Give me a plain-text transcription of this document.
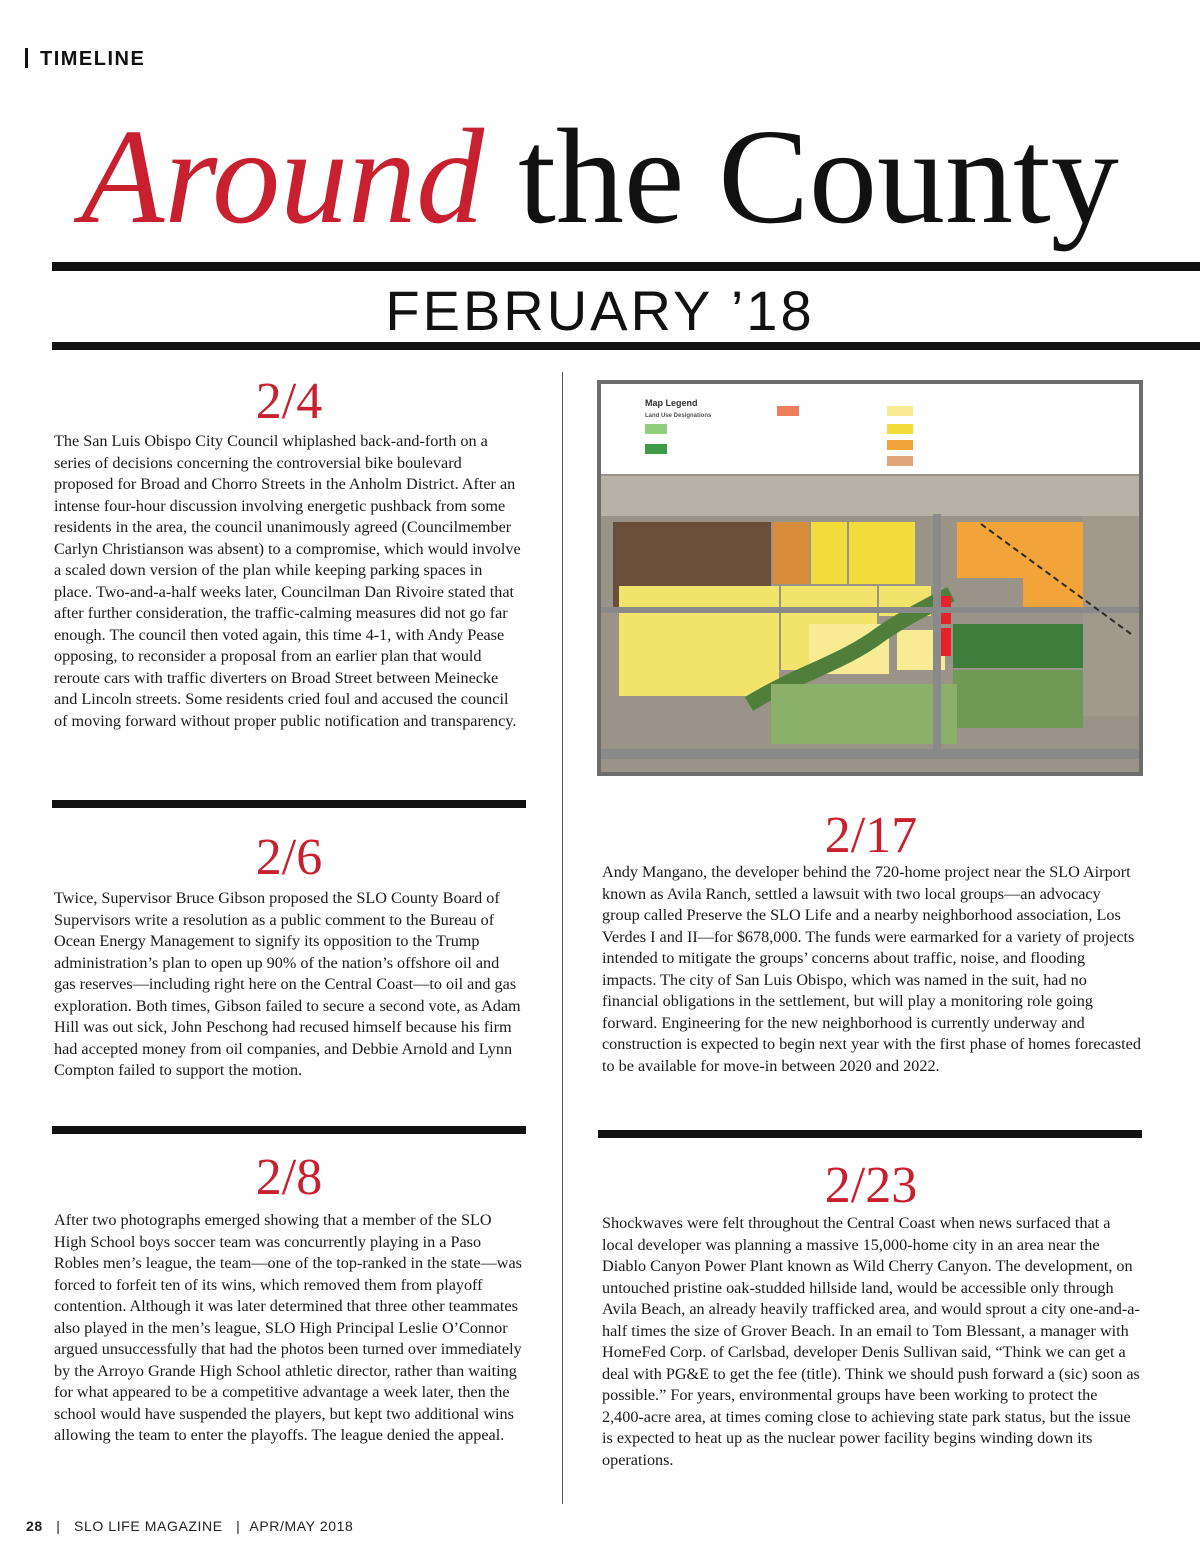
TIMELINE
Around the County
FEBRUARY ’18
2/4

The San Luis Obispo City Council whiplashed back-and-forth on a series of decisions concerning the controversial bike boulevard proposed for Broad and Chorro Streets in the Anholm District. After an intense four-hour discussion involving energetic pushback from some residents in the area, the council unanimously agreed (Councilmember Carlyn Christianson was absent) to a compromise, which would involve a scaled down version of the plan while keeping parking spaces in place. Two-and-a-half weeks later, Councilman Dan Rivoire stated that after further consideration, the traffic-calming measures did not go far enough. The council then voted again, this time 4-1, with Andy Pease opposing, to reconsider a proposal from an earlier plan that would reroute cars with traffic diverters on Broad Street between Meinecke and Lincoln streets. Some residents cried foul and accused the council of moving forward without proper public notification and transparency.

2/6

Twice, Supervisor Bruce Gibson proposed the SLO County Board of Supervisors write a resolution as a public comment to the Bureau of Ocean Energy Management to signify its opposition to the Trump administration’s plan to open up 90% of the nation’s offshore oil and gas reserves—including right here on the Central Coast—to oil and gas exploration. Both times, Gibson failed to secure a second vote, as Adam Hill was out sick, John Peschong had recused himself because his firm had accepted money from oil companies, and Debbie Arnold and Lynn Compton failed to support the motion.

2/8

After two photographs emerged showing that a member of the SLO High School boys soccer team was concurrently playing in a Paso Robles men’s league, the team—one of the top-ranked in the state—was forced to forfeit ten of its wins, which removed them from playoff contention. Although it was later determined that three other teammates also played in the men’s league, SLO High Principal Leslie O’Connor argued unsuccessfully that had the photos been turned over immediately by the Arroyo Grande High School athletic director, rather than waiting for what appeared to be a competitive advantage a week later, then the school would have suspended the players, but kept two additional wins allowing the team to enter the playoffs. The league denied the appeal.

Map Legend
Land Use Designations
2/17

Andy Mangano, the developer behind the 720-home project near the SLO Airport known as Avila Ranch, settled a lawsuit with two local groups—an advocacy group called Preserve the SLO Life and a nearby neighborhood association, Los Verdes I and II—for $678,000. The funds were earmarked for a variety of projects intended to mitigate the groups’ concerns about traffic, noise, and flooding impacts. The city of San Luis Obispo, which was named in the suit, had no financial obligations in the settlement, but will play a monitoring role going forward. Engineering for the new neighborhood is currently underway and construction is expected to begin next year with the first phase of homes forecasted to be available for move-in between 2020 and 2022.

2/23

Shockwaves were felt throughout the Central Coast when news surfaced that a local developer was planning a massive 15,000-home city in an area near the Diablo Canyon Power Plant known as Wild Cherry Canyon. The development, on untouched pristine oak-studded hillside land, would be accessible only through Avila Beach, an already heavily trafficked area, and would sprout a city one-and-a-half times the size of Grover Beach. In an email to Tom Blessant, a manager with HomeFed Corp. of Carlsbad, developer Denis Sullivan said, “Think we can get a deal with PG&E to get the fee (title). Think we should push forward a (sic) soon as possible.” For years, environmental groups have been working to protect the 2,400-acre area, at times coming close to achieving state park status, but the issue is expected to heat up as the nuclear power facility begins winding down its operations.

28 | SLO LIFE MAGAZINE | APR/MAY 2018
